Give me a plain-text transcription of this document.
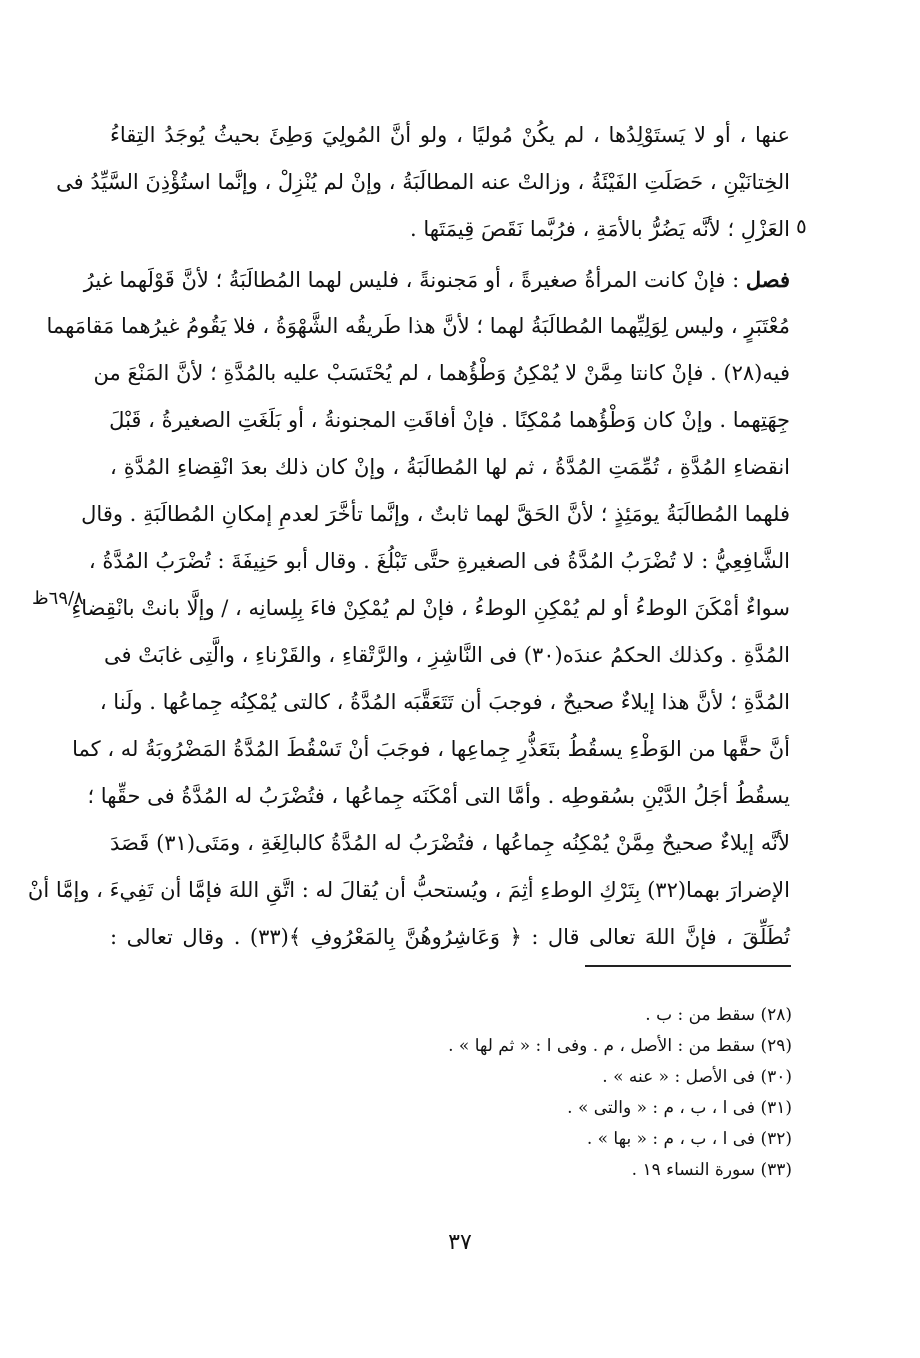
عنها ، أو لا يَستَوْلِدُها ، لم يكُنْ مُوليًا ، ولو أنَّ المُولِيَ وَطِئَ بحيثُ يُوجَدُ التِقاءُ
الخِتانَيْنِ ، حَصَلَتِ الفَيْئَةُ ، وزالتْ عنه المطالَبَةُ ، وإنْ لم يُنْزِلْ ، وإنَّما استُؤْذِنَ السَّيِّدُ فى
العَزْلِ ؛ لأنَّه يَضُرُّ بالأمَةِ ، فرُبَّما نَقَصَ قِيمَتَها . ٥
فصل : فإنْ كانت المرأةُ صغيرةً ، أو مَجنونةً ، فليس لهما المُطالَبَةُ ؛ لأنَّ قَوْلَهما غيرُ
مُعْتَبَرٍ ، وليس لِوَلِيِّهما المُطالَبَةُ لهما ؛ لأنَّ هذا طَريقُه الشَّهْوَةُ ، فلا يَقُومُ غيرُهما مَقامَهما
فيه(٢٨) . فإنْ كانتا مِمَّنْ لا يُمْكِنُ وَطْؤُهما ، لم يُحْتَسَبْ عليه بالمُدَّةِ ؛ لأنَّ المَنْعَ من
جِهَتِهما . وإنْ كان وَطْؤُهما مُمْكِنًا . فإنْ أفاقَتِ المجنونةُ ، أو بَلَغَتِ الصغيرةُ ، قَبْلَ
انقضاءِ المُدَّةِ ، تُمِّمَتِ المُدَّةُ ، ثم لها المُطالَبَةُ ، وإنْ كان ذلك بعدَ انْقِضاءِ المُدَّةِ ،
فلهما المُطالَبَةُ يومَئِذٍ ؛ لأنَّ الحَقَّ لهما ثابتٌ ، وإنَّما تأخَّرَ لعدمِ إمكانِ المُطالَبَةِ . وقال
الشَّافِعِيُّ : لا تُضْرَبُ المُدَّةُ فى الصغيرةِ حتَّى تَبْلُغَ . وقال أبو حَنِيفَةَ : تُضْرَبُ المُدَّةُ ،
سواءٌ أمْكَنَ الوطءُ أو لم يُمْكِنِ الوطءُ ، فإنْ لم يُمْكِنْ فاءَ بِلِسانِه ، / وإلَّا بانتْ بانْقِضاءِ
المُدَّةِ . وكذلك الحكمُ عندَه(٣٠) فى النَّاشِزِ ، والرَّتْقاءِ ، والقَرْناءِ ، والَّتِى غابَتْ فى
المُدَّةِ ؛ لأنَّ هذا إيلاءٌ صحيحٌ ، فوجبَ أن تَتَعَقَّبَه المُدَّةُ ، كالتى يُمْكِنُه جِماعُها . ولَنا ،
أنَّ حقَّها من الوَطْءِ يسقُطُ بتَعَذُّرِ جِماعِها ، فوجَبَ أنْ تَسْقُطَ المُدَّةُ المَضْرُوبَةُ له ، كما
يسقُطُ أجَلُ الدَّيْنِ بسُقوطِه . وأمَّا التى أمْكَنَه جِماعُها ، فتُضْرَبُ له المُدَّةُ فى حقِّها ؛
لأنَّه إيلاءٌ صحيحٌ مِمَّنْ يُمْكِنُه جِماعُها ، فتُضْرَبُ له المُدَّةُ كالبالِغَةِ ، ومَتَى(٣١) قَصَدَ
الإضرارَ بهما(٣٢) بِتَرْكِ الوطءِ أثِمَ ، ويُستحبُّ أن يُقالَ له : اتَّقِ اللهَ فإمَّا أن تَفِيءَ ، وإمَّا أنْ
تُطَلِّقَ ، فإنَّ اللهَ تعالى قال : ﴿ وَعَاشِرُوهُنَّ بِالمَعْرُوفِ ﴾(٣٣) . وقال تعالى :
٦٩/٨ظ
(٢٨) سقط من : ب .
(٢٩) سقط من : الأصل ، م . وفى ا : « ثم لها » .
(٣٠) فى الأصل : « عنه » .
(٣١) فى ا ، ب ، م : « والتى » .
(٣٢) فى ا ، ب ، م : « بها » .
(٣٣) سورة النساء ١٩ .
٣٧
